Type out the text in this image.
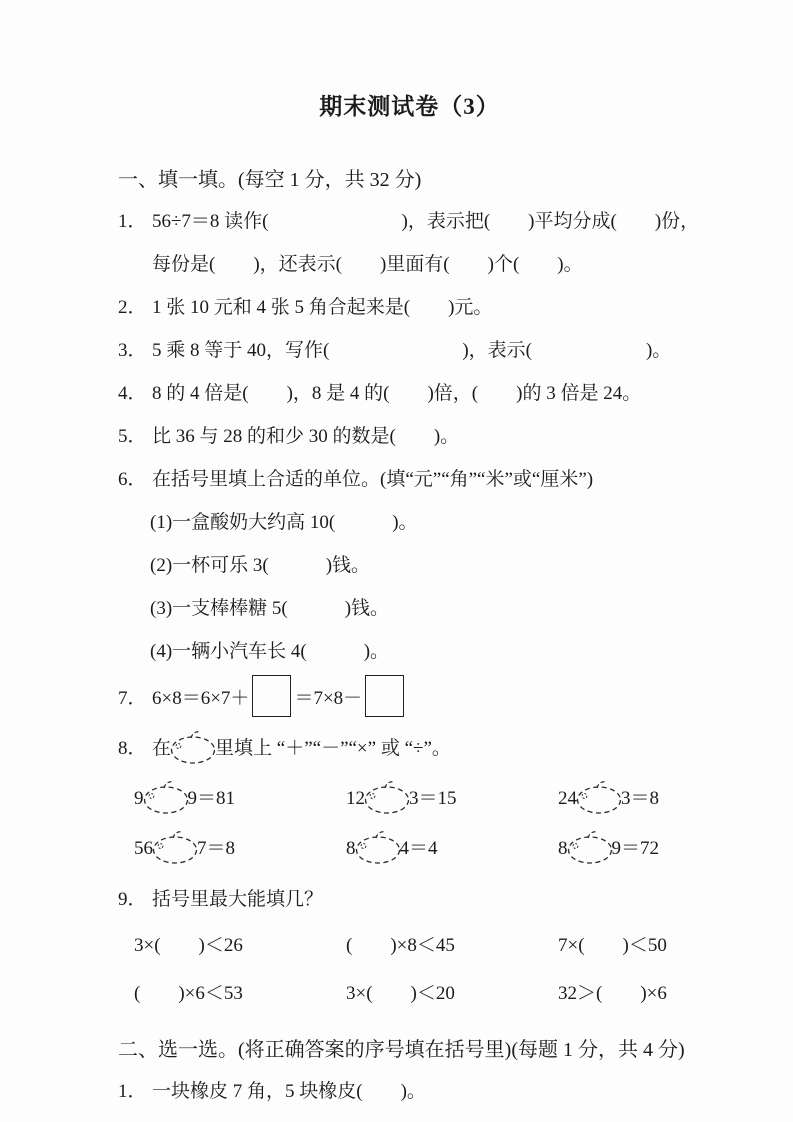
期末测试卷（3）
一、填一填。(每空 1 分，共 32 分)
1． 56÷7＝8 读作(　　　　　　　)，表示把(　　)平均分成(　　)份，
每份是(　　)，还表示(　　)里面有(　　)个(　　)。
2． 1 张 10 元和 4 张 5 角合起来是(　　)元。
3． 5 乘 8 等于 40，写作(　　　　　　　)，表示(　　　　　　)。
4． 8 的 4 倍是(　　)，8 是 4 的(　　)倍，(　　)的 3 倍是 24。
5． 比 36 与 28 的和少 30 的数是(　　)。
6． 在括号里填上合适的单位。(填“元”“角”“米”或“厘米”)
(1)一盒酸奶大约高 10(　　　)。
(2)一杯可乐 3(　　　)钱。
(3)一支棒棒糖 5(　　　)钱。
(4)一辆小汽车长 4(　　　)。
7． 6×8＝6×7＋ ＝7×8－
8． 在 里填上 “＋”“－”“×” 或 “÷”。
9 9＝81	12 3＝15	24 3＝8
56 7＝8	8 4＝4	8 9＝72
9． 括号里最大能填几？
3×(　　)＜26	(　　)×8＜45	7×(　　)＜50
(　　)×6＜53	3×(　　)＜20	32＞(　　)×6
二、选一选。(将正确答案的序号填在括号里)(每题 1 分，共 4 分)
1． 一块橡皮 7 角，5 块橡皮(　　)。
